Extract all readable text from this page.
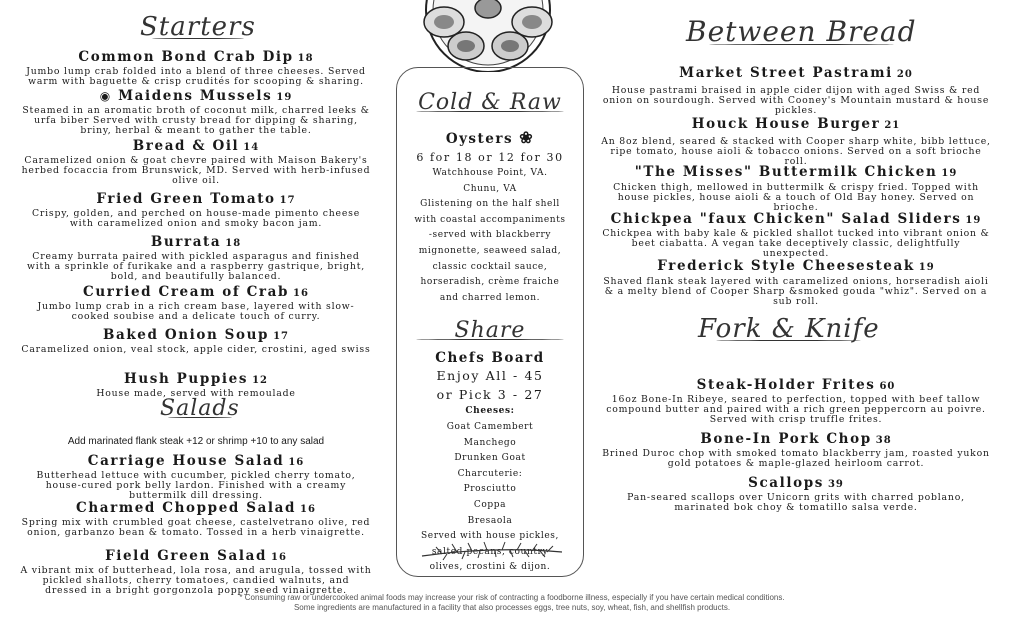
Starters
Common Bond Crab Dip 18
Jumbo lump crab folded into a blend of three cheeses. Served warm with baguette & crisp crudités for scooping & sharing.
◉ Maidens Mussels 19
Steamed in an aromatic broth of coconut milk, charred leeks & urfa biber Served with crusty bread for dipping & sharing, briny, herbal & meant to gather the table.
Bread & Oil 14
Caramelized onion & goat chevre paired with Maison Bakery's herbed focaccia from Brunswick, MD. Served with herb-infused olive oil.
Fried Green Tomato 17
Crispy, golden, and perched on house-made pimento cheese with caramelized onion and smoky bacon jam.
Burrata 18
Creamy burrata paired with pickled asparagus and finished with a sprinkle of furikake and a raspberry gastrique, bright, bold, and beautifully balanced.
Curried Cream of Crab 16
Jumbo lump crab in a rich cream base, layered with slow-cooked soubise and a delicate touch of curry.
Baked Onion Soup 17
Caramelized onion, veal stock, apple cider, crostini, aged swiss
Hush Puppies 12
House made, served with remoulade
Salads
Add marinated flank steak +12 or shrimp +10 to any salad
Carriage House Salad 16
Butterhead lettuce with cucumber, pickled cherry tomato, house-cured pork belly lardon. Finished with a creamy buttermilk dill dressing.
Charmed Chopped Salad 16
Spring mix with crumbled goat cheese, castelvetrano olive, red onion, garbanzo bean & tomato. Tossed in a herb vinaigrette.
Field Green Salad 16
A vibrant mix of butterhead, lola rosa, and arugula, tossed with pickled shallots, cherry tomatoes, candied walnuts, and dressed in a bright gorgonzola poppy seed vinaigrette.
Cold & Raw
Oysters ❀
6 for 18 or 12 for 30
Watchhouse Point, VA.
Chunu, VA
Glistening on the half shell
with coastal accompaniments
-served with blackberry
mignonette, seaweed salad,
classic cocktail sauce,
horseradish, crème fraiche
and charred lemon.
Share
Chefs Board
Enjoy All - 45
or Pick 3 - 27
Cheeses:
Goat Camembert
Manchego
Drunken Goat
Charcuterie:
Prosciutto
Coppa
Bresaola
Served with house pickles,
salted pecans, country
olives, crostini & dijon.
Between Bread
Market Street Pastrami 20
House pastrami braised in apple cider dijon with aged Swiss & red onion on sourdough. Served with Cooney's Mountain mustard & house pickles.
Houck House Burger 21
An 8oz blend, seared & stacked with Cooper sharp white, bibb lettuce, ripe tomato, house aioli & tobacco onions. Served on a soft brioche roll.
"The Misses" Buttermilk Chicken 19
Chicken thigh, mellowed in buttermilk & crispy fried. Topped with house pickles, house aioli & a touch of Old Bay honey. Served on brioche.
Chickpea "faux Chicken" Salad Sliders 19
Chickpea with baby kale & pickled shallot tucked into vibrant onion & beet ciabatta. A vegan take deceptively classic, delightfully unexpected.
Frederick Style Cheesesteak 19
Shaved flank steak layered with caramelized onions, horseradish aioli & a melty blend of Cooper Sharp &smoked gouda "whiz". Served on a sub roll.
Fork & Knife
Steak-Holder Frites 60
16oz Bone-In Ribeye, seared to perfection, topped with beef tallow compound butter and paired with a rich green peppercorn au poivre. Served with crisp truffle frites.
Bone-In Pork Chop 38
Brined Duroc chop with smoked tomato blackberry jam, roasted yukon gold potatoes & maple-glazed heirloom carrot.
Scallops 39
Pan-seared scallops over Unicorn grits with charred poblano, marinated bok choy & tomatillo salsa verde.
* Consuming raw or undercooked animal foods may increase your risk of contracting a foodborne illness, especially if you have certain medical conditions.
Some ingredients are manufactured in a facility that also processes eggs, tree nuts, soy, wheat, fish, and shellfish products.
